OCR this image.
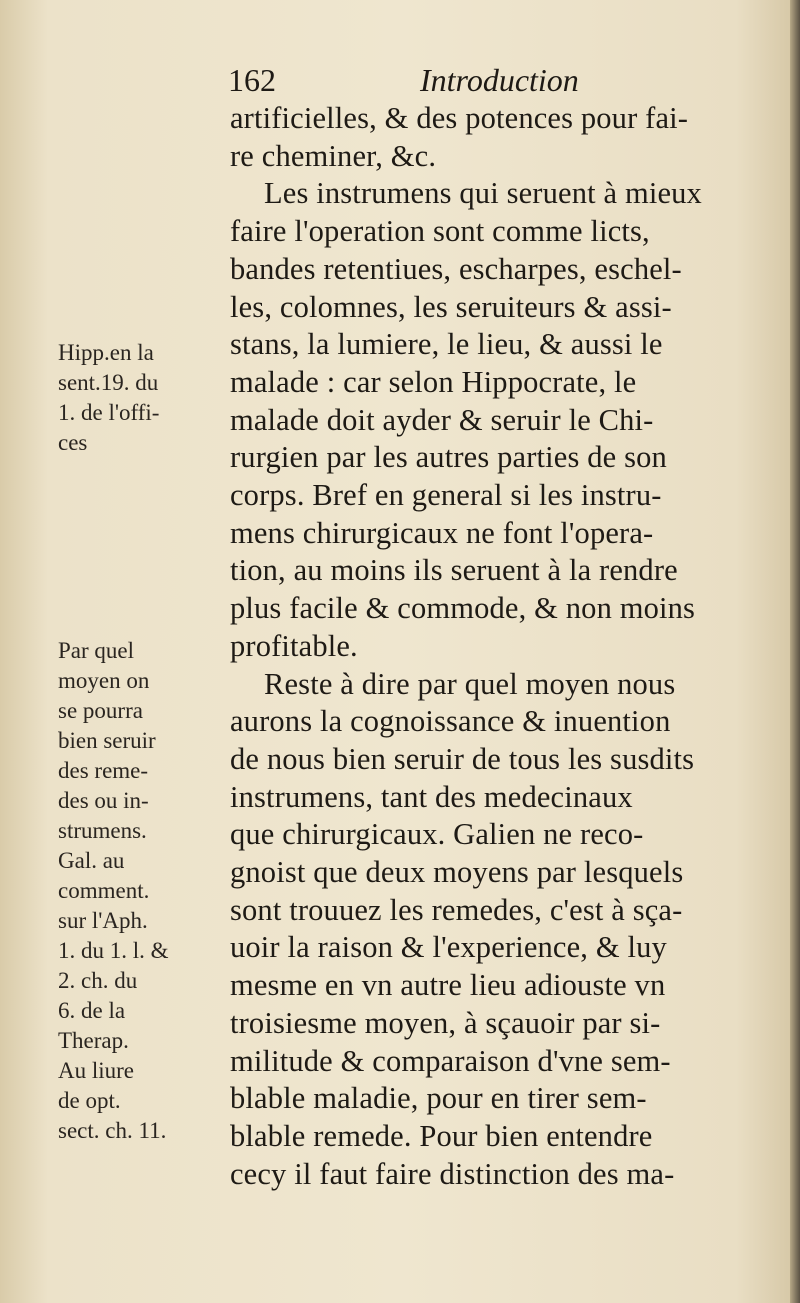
162	Introduction
Hipp.en la
sent.19. du
1. de l'offi-
ces
Par quel
moyen on
se pourra
bien seruir
des reme-
des ou in-
strumens.
Gal. au
comment.
sur l'Aph.
1. du 1. l. &
2. ch. du
6. de la
Therap.
Au liure
de opt.
sect. ch. 11.
artificielles, & des potences pour fai-
re cheminer, &c.
Les instrumens qui seruent à mieux
faire l'operation sont comme licts,
bandes retentiues, escharpes, eschel-
les, colomnes, les seruiteurs & assi-
stans, la lumiere, le lieu, & aussi le
malade : car selon Hippocrate, le
malade doit ayder & seruir le Chi-
rurgien par les autres parties de son
corps. Bref en general si les instru-
mens chirurgicaux ne font l'opera-
tion, au moins ils seruent à la rendre
plus facile & commode, & non moins
profitable.
Reste à dire par quel moyen nous
aurons la cognoissance & inuention
de nous bien seruir de tous les susdits
instrumens, tant des medecinaux
que chirurgicaux. Galien ne reco-
gnoist que deux moyens par lesquels
sont trouuez les remedes, c'est à sça-
uoir la raison & l'experience, & luy
mesme en vn autre lieu adiouste vn
troisiesme moyen, à sçauoir par si-
militude & comparaison d'vne sem-
blable maladie, pour en tirer sem-
blable remede. Pour bien entendre
cecy il faut faire distinction des ma-
